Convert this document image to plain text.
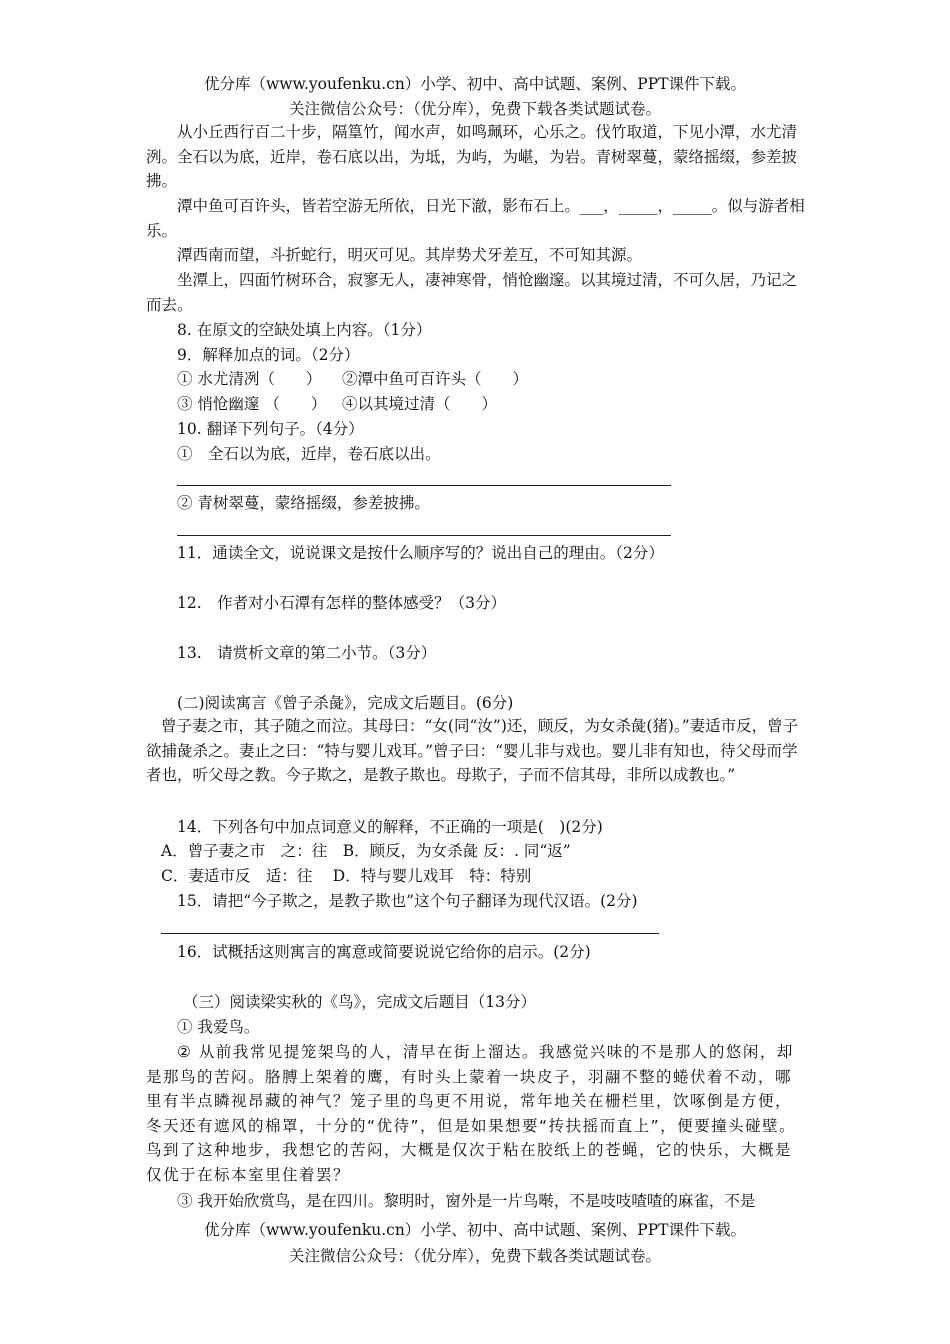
优分库（www.youfenku.cn）小学、初中、高中试题、案例、PPT课件下载。
关注微信公众号：（优分库），免费下载各类试题试卷。
从小丘西行百二十步，隔篁竹，闻水声，如鸣珮环，心乐之。伐竹取道，下见小潭，水尤清洌。全石以为底，近岸，卷石底以出，为坻，为屿，为嵁，为岩。青树翠蔓，蒙络摇缀，参差披拂。
潭中鱼可百许头，皆若空游无所依，日光下澈，影布石上。___，_____，_____。似与游者相乐。
潭西南而望，斗折蛇行，明灭可见。其岸势犬牙差互，不可知其源。
坐潭上，四面竹树环合，寂寥无人，凄神寒骨，悄怆幽邃。以其境过清，不可久居，乃记之而去。
8. 在原文的空缺处填上内容。（1分）
9．解释加点的词。（2分）
① 水尤清冽（　　） ②潭中鱼可百许头（　　）
③ 悄怆幽邃 （　　） ④以其境过清（　　）
10. 翻译下列句子。（4分）
①　全石以为底，近岸，卷石底以出。
② 青树翠蔓，蒙络摇缀，参差披拂。
11．通读全文，说说课文是按什么顺序写的？说出自己的理由。（2分）
12.　作者对小石潭有怎样的整体感受？（3分）
13.　请赏析文章的第二小节。（3分）
(二)阅读寓言《曾子杀彘》，完成文后题目。(6分)
曾子妻之市，其子随之而泣。其母曰：“女(同“汝”)还，顾反，为女杀彘(猪)。”妻适市反，曾子欲捕彘杀之。妻止之曰：“特与婴儿戏耳。”曾子曰：“婴儿非与戏也。婴儿非有知也，待父母而学者也，听父母之教。今子欺之，是教子欺也。母欺子，子而不信其母，非所以成教也。”
14．下列各句中加点词意义的解释，不正确的一项是(　)(2分)
A．曾子妻之市　之：往　B．顾反，为女杀彘 反：. 同“返”
C．妻适市反　适：往　 D．特与婴儿戏耳　特：特别
15．请把“今子欺之，是教子欺也”这个句子翻译为现代汉语。(2分)
16．试概括这则寓言的寓意或简要说说它给你的启示。(2分)
（三）阅读梁实秋的《鸟》，完成文后题目（13分）
① 我爱鸟。
② 从前我常见提笼架鸟的人，清早在街上溜达。我感觉兴味的不是那人的悠闲，却是那鸟的苦闷。胳膊上架着的鹰，有时头上蒙着一块皮子，羽翮不整的蜷伏着不动，哪里有半点瞵视昂藏的神气？笼子里的鸟更不用说，常年地关在栅栏里，饮啄倒是方便，冬天还有遮风的棉罩，十分的“优待”，但是如果想要“抟扶摇而直上”，便要撞头碰壁。鸟到了这种地步，我想它的苦闷，大概是仅次于粘在胶纸上的苍蝇，它的快乐，大概是仅优于在标本室里住着罢？
③ 我开始欣赏鸟，是在四川。黎明时，窗外是一片鸟啭，不是吱吱喳喳的麻雀，不是
优分库（www.youfenku.cn）小学、初中、高中试题、案例、PPT课件下载。
关注微信公众号：（优分库），免费下载各类试题试卷。
